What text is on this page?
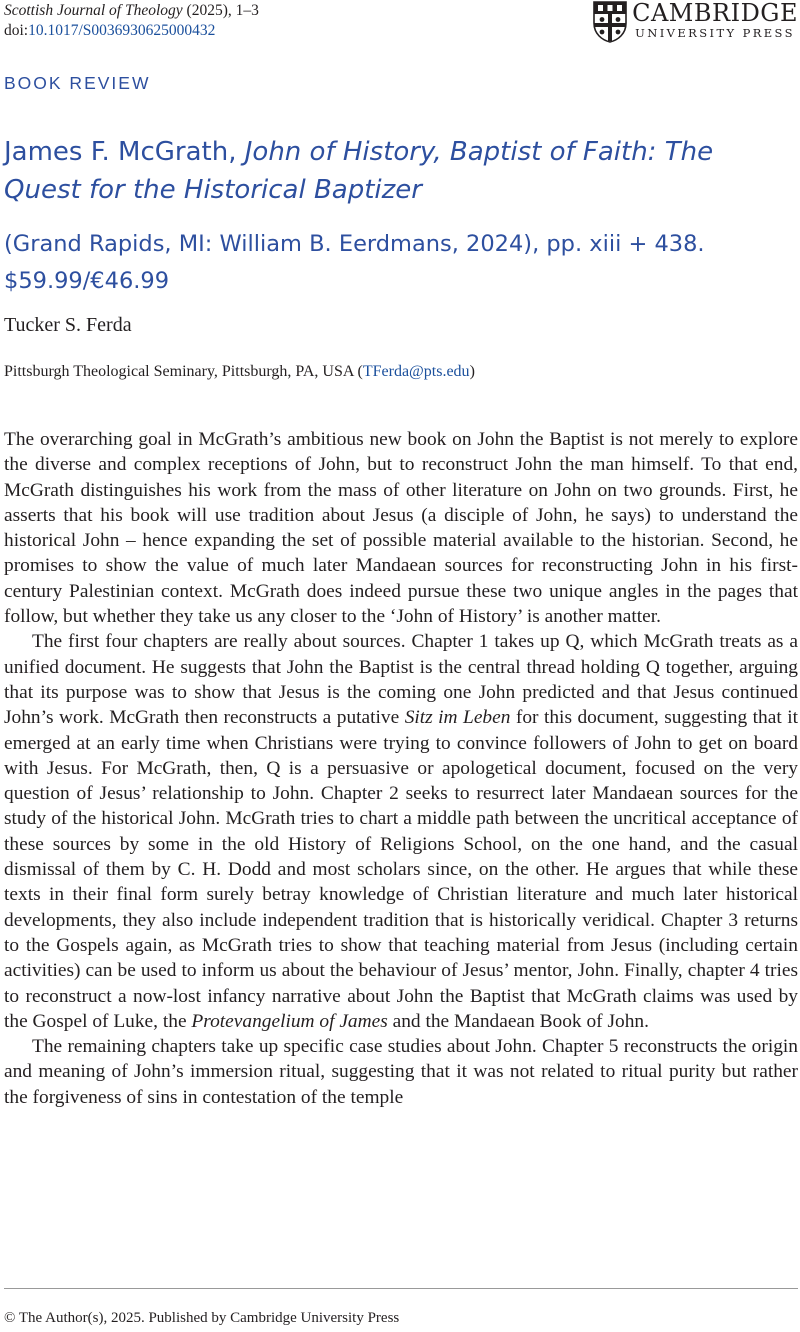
Scottish Journal of Theology (2025), 1–3
doi:10.1017/S0036930625000432
CAMBRIDGE
UNIVERSITY PRESS
BOOK REVIEW
James F. McGrath, John of History, Baptist of Faith: The Quest for the Historical Baptizer
(Grand Rapids, MI: William B. Eerdmans, 2024), pp. xiii + 438. $59.99/€46.99
Tucker S. Ferda
Pittsburgh Theological Seminary, Pittsburgh, PA, USA (TFerda@pts.edu)

The overarching goal in McGrath’s ambitious new book on John the Baptist is not merely to explore the diverse and complex receptions of John, but to reconstruct John the man himself. To that end, McGrath distinguishes his work from the mass of other literature on John on two grounds. First, he asserts that his book will use tradition about Jesus (a disciple of John, he says) to understand the historical John – hence expanding the set of possible material available to the historian. Second, he promises to show the value of much later Mandaean sources for reconstructing John in his first-century Palestinian context. McGrath does indeed pursue these two unique angles in the pages that follow, but whether they take us any closer to the ‘John of History’ is another matter.

The first four chapters are really about sources. Chapter 1 takes up Q, which McGrath treats as a unified document. He suggests that John the Baptist is the central thread holding Q together, arguing that its purpose was to show that Jesus is the coming one John predicted and that Jesus continued John’s work. McGrath then reconstructs a putative Sitz im Leben for this document, suggesting that it emerged at an early time when Christians were trying to convince followers of John to get on board with Jesus. For McGrath, then, Q is a persuasive or apologetical document, focused on the very question of Jesus’ relationship to John. Chapter 2 seeks to resurrect later Mandaean sources for the study of the historical John. McGrath tries to chart a middle path between the uncritical acceptance of these sources by some in the old History of Religions School, on the one hand, and the casual dismissal of them by C. H. Dodd and most scholars since, on the other. He argues that while these texts in their final form surely betray knowledge of Christian literature and much later historical developments, they also include independent tradition that is historically veridical. Chapter 3 returns to the Gospels again, as McGrath tries to show that teaching material from Jesus (including certain activities) can be used to inform us about the behaviour of Jesus’ mentor, John. Finally, chapter 4 tries to reconstruct a now-lost infancy narrative about John the Baptist that McGrath claims was used by the Gospel of Luke, the Protevangelium of James and the Mandaean Book of John.

The remaining chapters take up specific case studies about John. Chapter 5 reconstructs the origin and meaning of John’s immersion ritual, suggesting that it was not related to ritual purity but rather the forgiveness of sins in contestation of the temple

© The Author(s), 2025. Published by Cambridge University Press
